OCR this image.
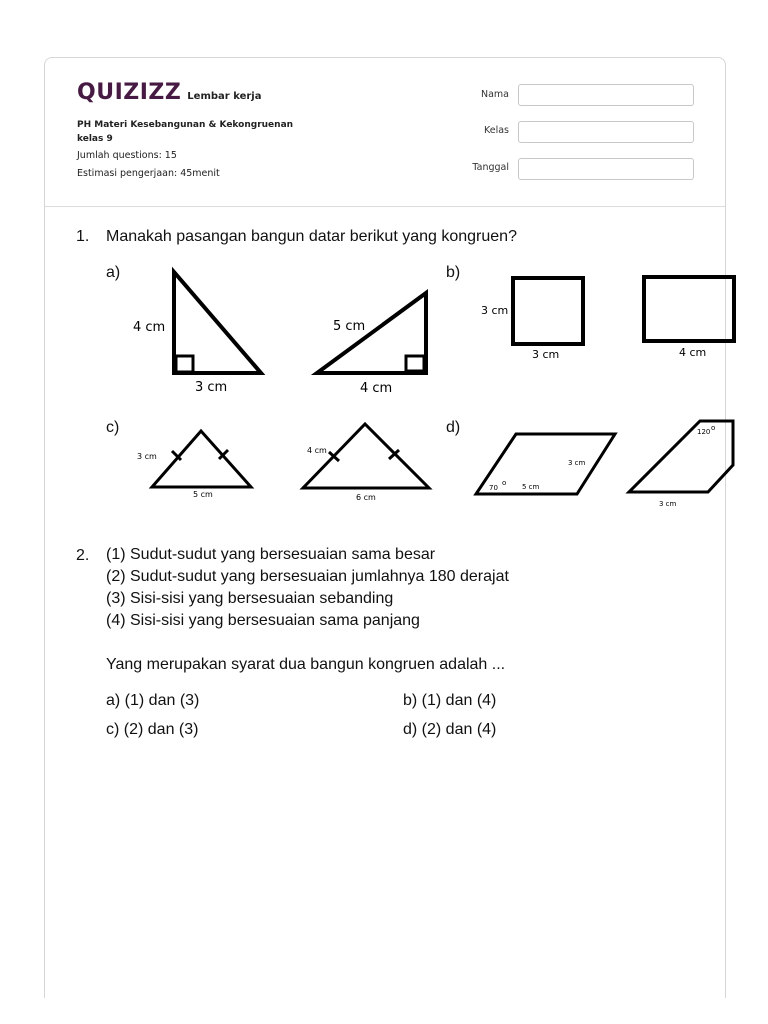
QUIZIZZ Lembar kerja
PH Materi Kesebangunan & Kekongruenan
kelas 9
Jumlah questions: 15
Estimasi pengerjaan: 45menit
Nama
Kelas
Tanggal
1. Manakah pasangan bangun datar berikut yang kongruen?
a)	b)
c)	d)
4 cm
3 cm
5 cm
4 cm
3 cm
3 cm	4 cm
3 cm
5 cm
4 cm
6 cm
70
o 5 cm
3 cm
120 o
3 cm
2. (1) Sudut-sudut yang bersesuaian sama besar
(2) Sudut-sudut yang bersesuaian jumlahnya 180 derajat
(3) Sisi-sisi yang bersesuaian sebanding
(4) Sisi-sisi yang bersesuaian sama panjang
Yang merupakan syarat dua bangun kongruen adalah ...
a) (1) dan (3)	b) (1) dan (4)
c) (2) dan (3)	d) (2) dan (4)
